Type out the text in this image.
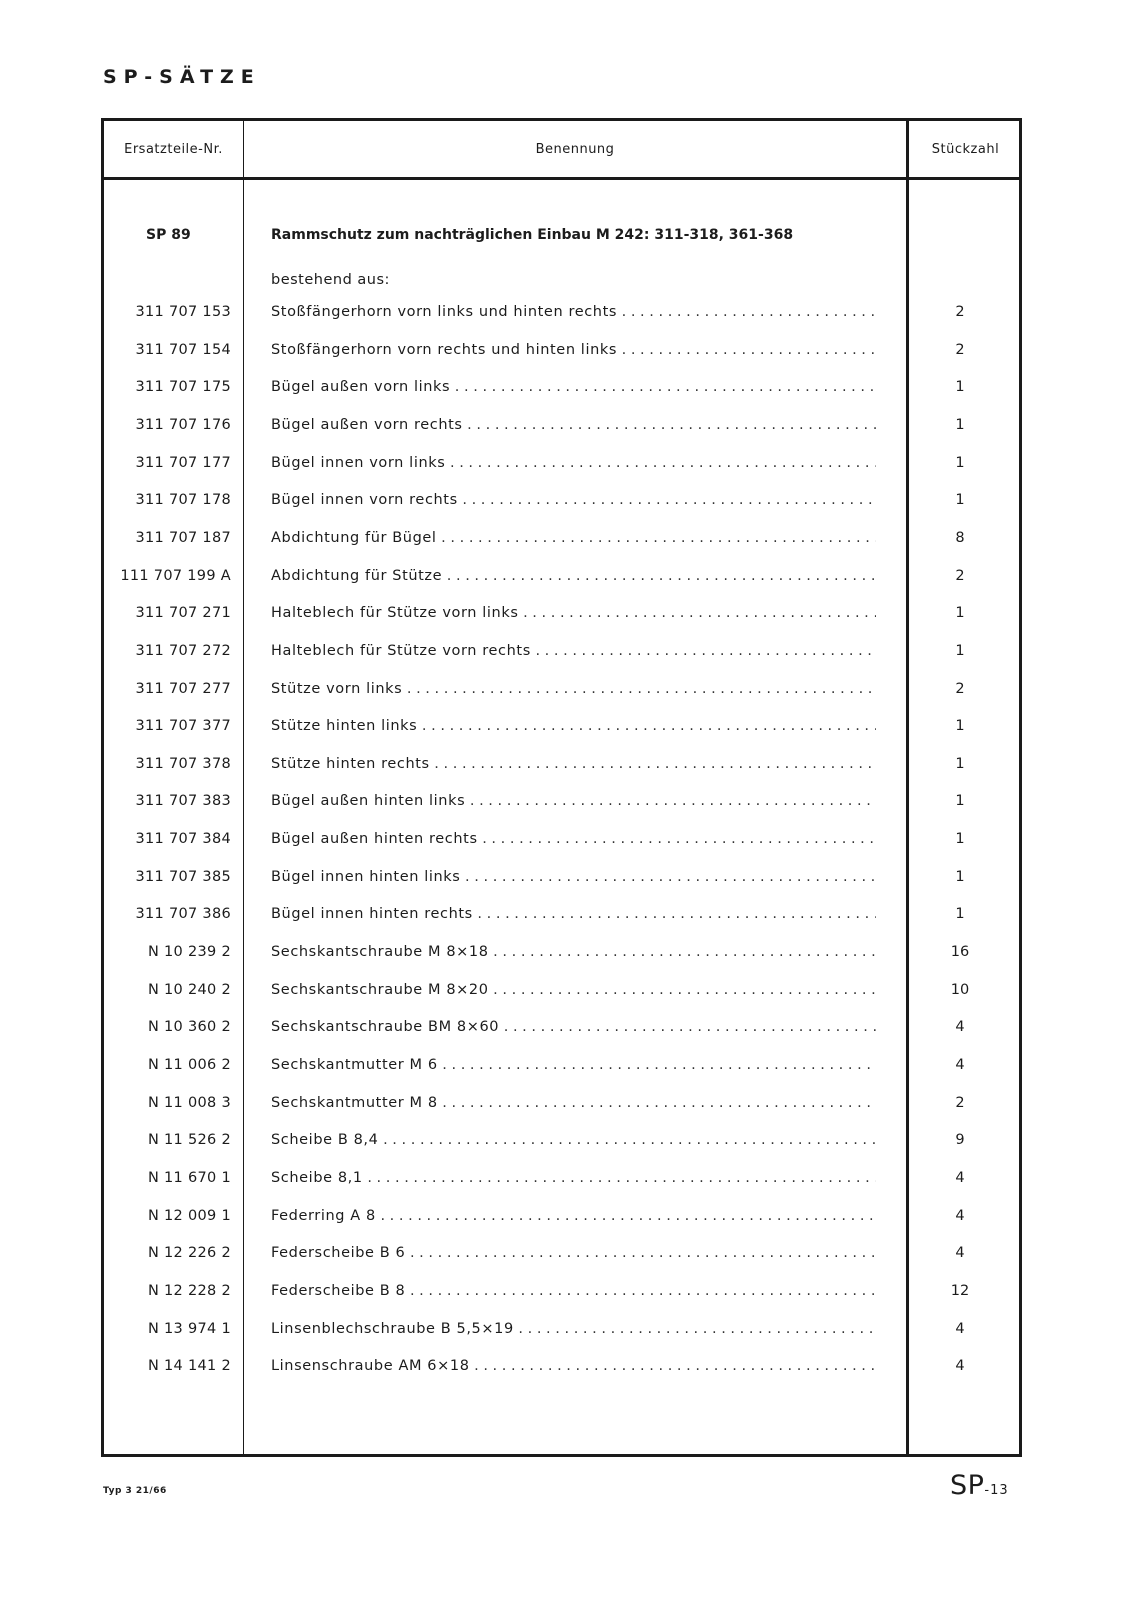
SP-SÄTZE
Ersatzteile-Nr.	Benennung	Stückzahl
SP 89	Rammschutz zum nachträglichen Einbau M 242: 311-318, 361-368
bestehend aus:
311 707 153	Stoßfängerhorn vorn links und hinten rechts . . .	2
311 707 154	Stoßfängerhorn vorn rechts und hinten links . . .	2
311 707 175	Bügel außen vorn links . . .	1
311 707 176	Bügel außen vorn rechts . . .	1
311 707 177	Bügel innen vorn links . . .	1
311 707 178	Bügel innen vorn rechts . . .	1
311 707 187	Abdichtung für Bügel . . .	8
111 707 199 A	Abdichtung für Stütze . . .	2
311 707 271	Halteblech für Stütze vorn links . . .	1
311 707 272	Halteblech für Stütze vorn rechts . . .	1
311 707 277	Stütze vorn links . . .	2
311 707 377	Stütze hinten links . . .	1
311 707 378	Stütze hinten rechts . . .	1
311 707 383	Bügel außen hinten links . . .	1
311 707 384	Bügel außen hinten rechts . . .	1
311 707 385	Bügel innen hinten links . . .	1
311 707 386	Bügel innen hinten rechts . . .	1
N 10 239 2	Sechskantschraube M 8×18 . . .	16
N 10 240 2	Sechskantschraube M 8×20 . . .	10
N 10 360 2	Sechskantschraube BM 8×60 . . .	4
N 11 006 2	Sechskantmutter M 6 . . .	4
N 11 008 3	Sechskantmutter M 8 . . .	2
N 11 526 2	Scheibe B 8,4 . . .	9
N 11 670 1	Scheibe 8,1 . . .	4
N 12 009 1	Federring A 8 . . .	4
N 12 226 2	Federscheibe B 6 . . .	4
N 12 228 2	Federscheibe B 8 . . .	12
N 13 974 1	Linsenblechschraube B 5,5×19 . . .	4
N 14 141 2	Linsenschraube AM 6×18 . . .	4
Typ 3 21/66	SP-13
